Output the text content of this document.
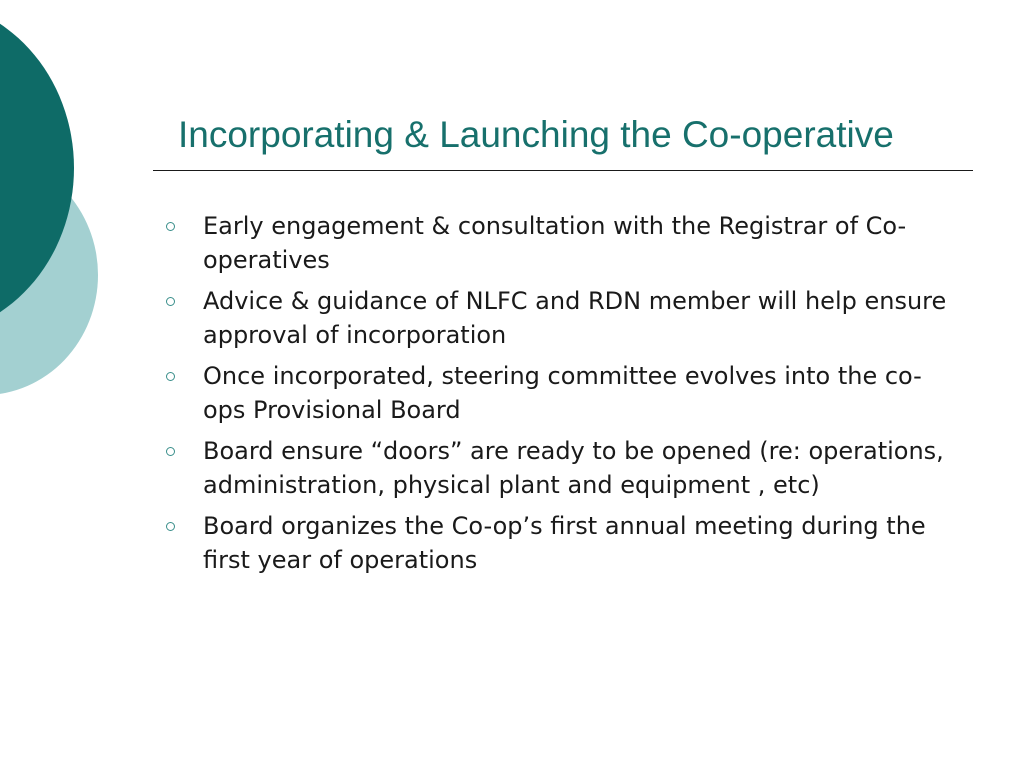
Incorporating & Launching the Co-operative
Early engagement & consultation with the Registrar of Co-operatives
Advice & guidance of NLFC and RDN member will help ensure approval of incorporation
Once incorporated, steering committee evolves into the co-ops Provisional Board
Board ensure “doors” are ready to be opened (re: operations, administration, physical plant and equipment , etc)
Board organizes the Co-op’s first annual meeting during the first year of operations
